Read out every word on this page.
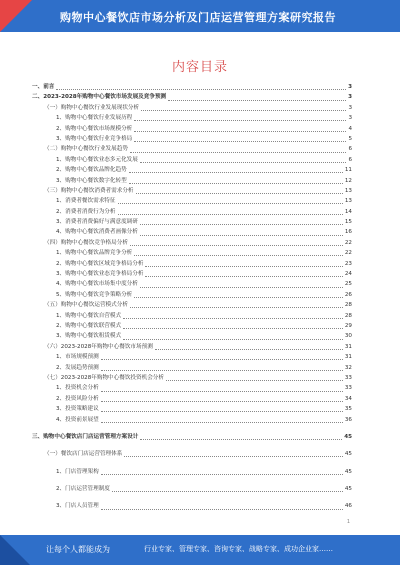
购物中心餐饮店市场分析及门店运营管理方案研究报告
内容目录
一、前言	3
二、2023-2028年购物中心餐饮市场发展及竞争预测	3
（一）购物中心餐饮行业发展现状分析	3
1、购物中心餐饮行业发展历程	3
2、购物中心餐饮市场规模分析	4
3、购物中心餐饮行业竞争格局	5
（二）购物中心餐饮行业发展趋势	6
1、购物中心餐饮业态多元化发展	6
2、购物中心餐饮品牌化趋势	11
3、购物中心餐饮数字化转型	12
（三）购物中心餐饮消费者需求分析	13
1、消费者餐饮需求特征	13
2、消费者消费行为分析	14
3、消费者消费偏好与满意度调研	15
4、购物中心餐饮消费者画像分析	16
（四）购物中心餐饮竞争格局分析	22
1、购物中心餐饮品牌竞争分析	22
2、购物中心餐饮区域竞争格局分析	23
3、购物中心餐饮业态竞争格局分析	24
4、购物中心餐饮市场集中度分析	25
5、购物中心餐饮竞争策略分析	26
（五）购物中心餐饮运营模式分析	28
1、购物中心餐饮自营模式	28
2、购物中心餐饮联营模式	29
3、购物中心餐饮租赁模式	30
（六）2023-2028年购物中心餐饮市场预测	31
1、市场规模预测	31
2、发展趋势预测	32
（七）2023-2028年购物中心餐饮投资机会分析	33
1、投资机会分析	33
2、投资风险分析	34
3、投资策略建议	35
4、投资前景展望	36
三、购物中心餐饮店门店运营管理方案设计	45
（一）餐饮店门店运营管理体系	45
1、门店管理架构	45
2、门店运营管理制度	45
3、门店人员管理	46
1
让每个人都能成为	行业专家、管理专家、咨询专家、战略专家、成功企业家……
